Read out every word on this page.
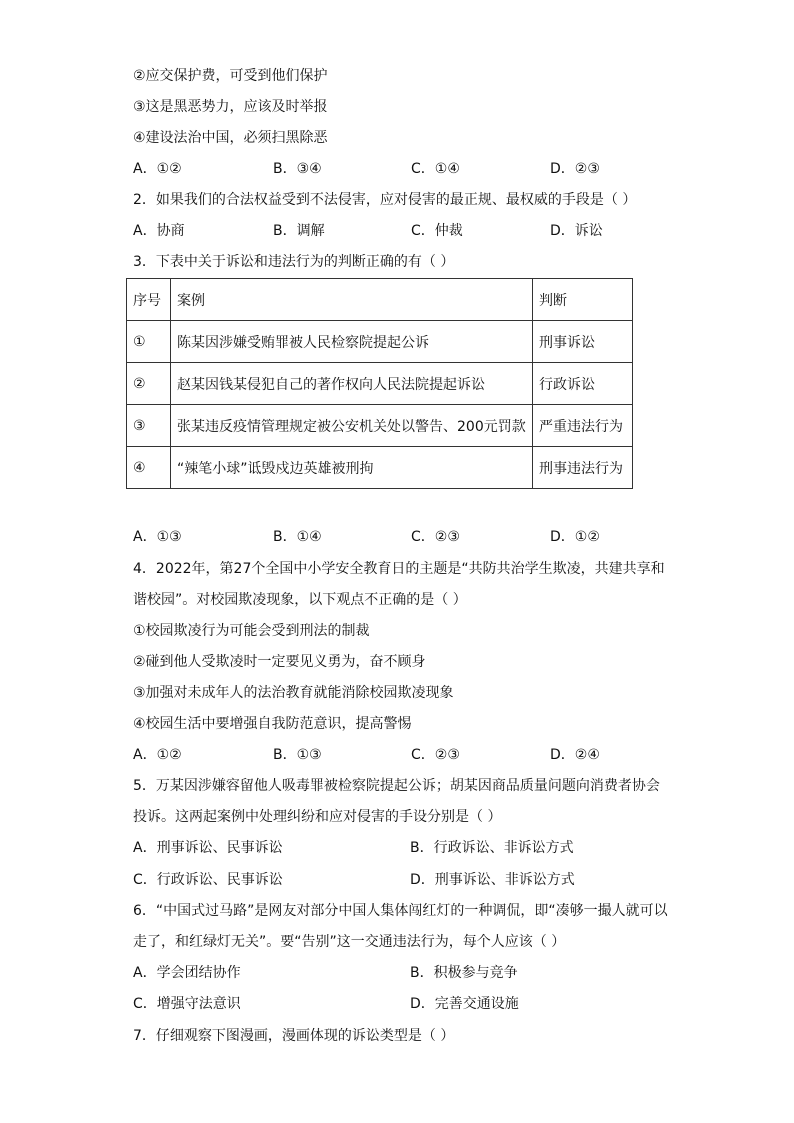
②应交保护费，可受到他们保护
③这是黑恶势力，应该及时举报
④建设法治中国，必须扫黑除恶
A．①②	B．③④	C．①④	D．②③
2．如果我们的合法权益受到不法侵害，应对侵害的最正规、最权威的手段是（ ）
A．协商	B．调解	C．仲裁	D．诉讼
3．下表中关于诉讼和违法行为的判断正确的有（ ）
序号	案例	判断
①	陈某因涉嫌受贿罪被人民检察院提起公诉	刑事诉讼
②	赵某因钱某侵犯自己的著作权向人民法院提起诉讼	行政诉讼
③	张某违反疫情管理规定被公安机关处以警告、200元罚款	严重违法行为
④	“辣笔小球”诋毁戍边英雄被刑拘	刑事违法行为
A．①③	B．①④	C．②③	D．①②
4．2022年，第27个全国中小学安全教育日的主题是“共防共治学生欺凌，共建共享和
谐校园”。对校园欺凌现象，以下观点不正确的是（ ）
①校园欺凌行为可能会受到刑法的制裁
②碰到他人受欺凌时一定要见义勇为，奋不顾身
③加强对未成年人的法治教育就能消除校园欺凌现象
④校园生活中要增强自我防范意识，提高警惕
A．①②	B．①③	C．②③	D．②④
5．万某因涉嫌容留他人吸毒罪被检察院提起公诉；胡某因商品质量问题向消费者协会
投诉。这两起案例中处理纠纷和应对侵害的手设分别是（ ）
A．刑事诉讼、民事诉讼	B．行政诉讼、非诉讼方式
C．行政诉讼、民事诉讼	D．刑事诉讼、非诉讼方式
6．“中国式过马路”是网友对部分中国人集体闯红灯的一种调侃，即“凑够一撮人就可以
走了，和红绿灯无关”。要“告别”这一交通违法行为，每个人应该（ ）
A．学会团结协作	B．积极参与竞争
C．增强守法意识	D．完善交通设施
7．仔细观察下图漫画，漫画体现的诉讼类型是（ ）
